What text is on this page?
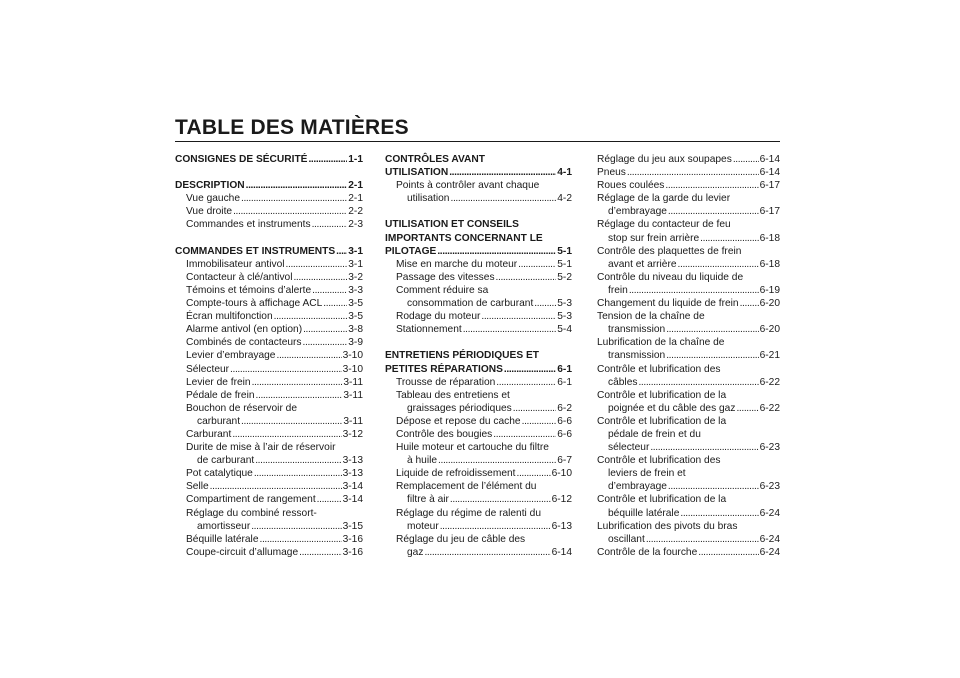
TABLE DES MATIÈRES
CONSIGNES DE SÉCURITÉ . . .	1-1
DESCRIPTION . . .	2-1
Vue gauche . . .	2-1
Vue droite . . .	2-2
Commandes et instruments . . .	2-3
COMMANDES ET INSTRUMENTS . . . 3-1
Immobilisateur antivol . . .	3-1
Contacteur à clé/antivol . . .	3-2
Témoins et témoins d’alerte . . .	3-3
Compte-tours à affichage ACL . . .	3-5
Écran multifonction . . .	3-5
Alarme antivol (en option) . . .	3-8
Combinés de contacteurs . . .	3-9
Levier d’embrayage . . .	3-10
Sélecteur . . .	3-10
Levier de frein . . .	3-11
Pédale de frein . . .	3-11
Bouchon de réservoir de
carburant . . .	3-11
Carburant . . .	3-12
Durite de mise à l’air de réservoir
de carburant . . .	3-13
Pot catalytique . . .	3-13
Selle . . .	3-14
Compartiment de rangement . . .	3-14
Réglage du combiné ressort-
amortisseur . . .	3-15
Béquille latérale . . .	3-16
Coupe-circuit d’allumage . . .	3-16
CONTRÔLES AVANT
UTILISATION . . .	4-1
Points à contrôler avant chaque
utilisation . . .	4-2
UTILISATION ET CONSEILS
IMPORTANTS CONCERNANT LE
PILOTAGE . . .	5-1
Mise en marche du moteur . . .	5-1
Passage des vitesses . . .	5-2
Comment réduire sa
consommation de carburant . . . 5-3
Rodage du moteur . . .	5-3
Stationnement . . .	5-4
ENTRETIENS PÉRIODIQUES ET
PETITES RÉPARATIONS . . .	6-1
Trousse de réparation . . .	6-1
Tableau des entretiens et
graissages périodiques . . .	6-2
Dépose et repose du cache . . .	6-6
Contrôle des bougies . . .	6-6
Huile moteur et cartouche du filtre
à huile . . .	6-7
Liquide de refroidissement . . .	6-10
Remplacement de l’élément du
filtre à air . . .	6-12
Réglage du régime de ralenti du
moteur . . .	6-13
Réglage du jeu de câble des
gaz . . .	6-14
Réglage du jeu aux soupapes . . .	6-14
Pneus . . .	6-14
Roues coulées . . .	6-17
Réglage de la garde du levier
d’embrayage . . .	6-17
Réglage du contacteur de feu
stop sur frein arrière . . .	6-18
Contrôle des plaquettes de frein
avant et arrière . . .	6-18
Contrôle du niveau du liquide de
frein . . .	6-19
Changement du liquide de frein . . . 6-20
Tension de la chaîne de
transmission . . .	6-20
Lubrification de la chaîne de
transmission . . .	6-21
Contrôle et lubrification des
câbles . . .	6-22
Contrôle et lubrification de la
poignée et du câble des gaz . . . 6-22
Contrôle et lubrification de la
pédale de frein et du
sélecteur . . .	6-23
Contrôle et lubrification des
leviers de frein et
d’embrayage . . .	6-23
Contrôle et lubrification de la
béquille latérale . . .	6-24
Lubrification des pivots du bras
oscillant . . .	6-24
Contrôle de la fourche . . .	6-24
